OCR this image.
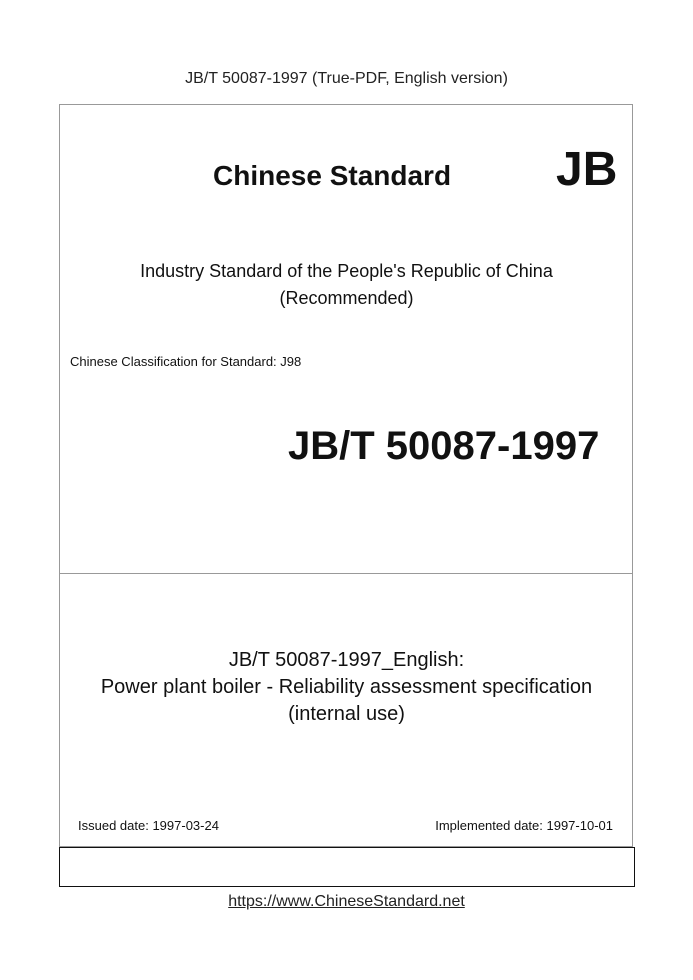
JB/T 50087-1997 (True-PDF, English version)
Chinese Standard JB
Industry Standard of the People's Republic of China
(Recommended)
Chinese Classification for Standard: J98
JB/T 50087-1997
JB/T 50087-1997_English:
Power plant boiler - Reliability assessment specification
(internal use)
Issued date: 1997-03-24	Implemented date: 1997-10-01
https://www.ChineseStandard.net
